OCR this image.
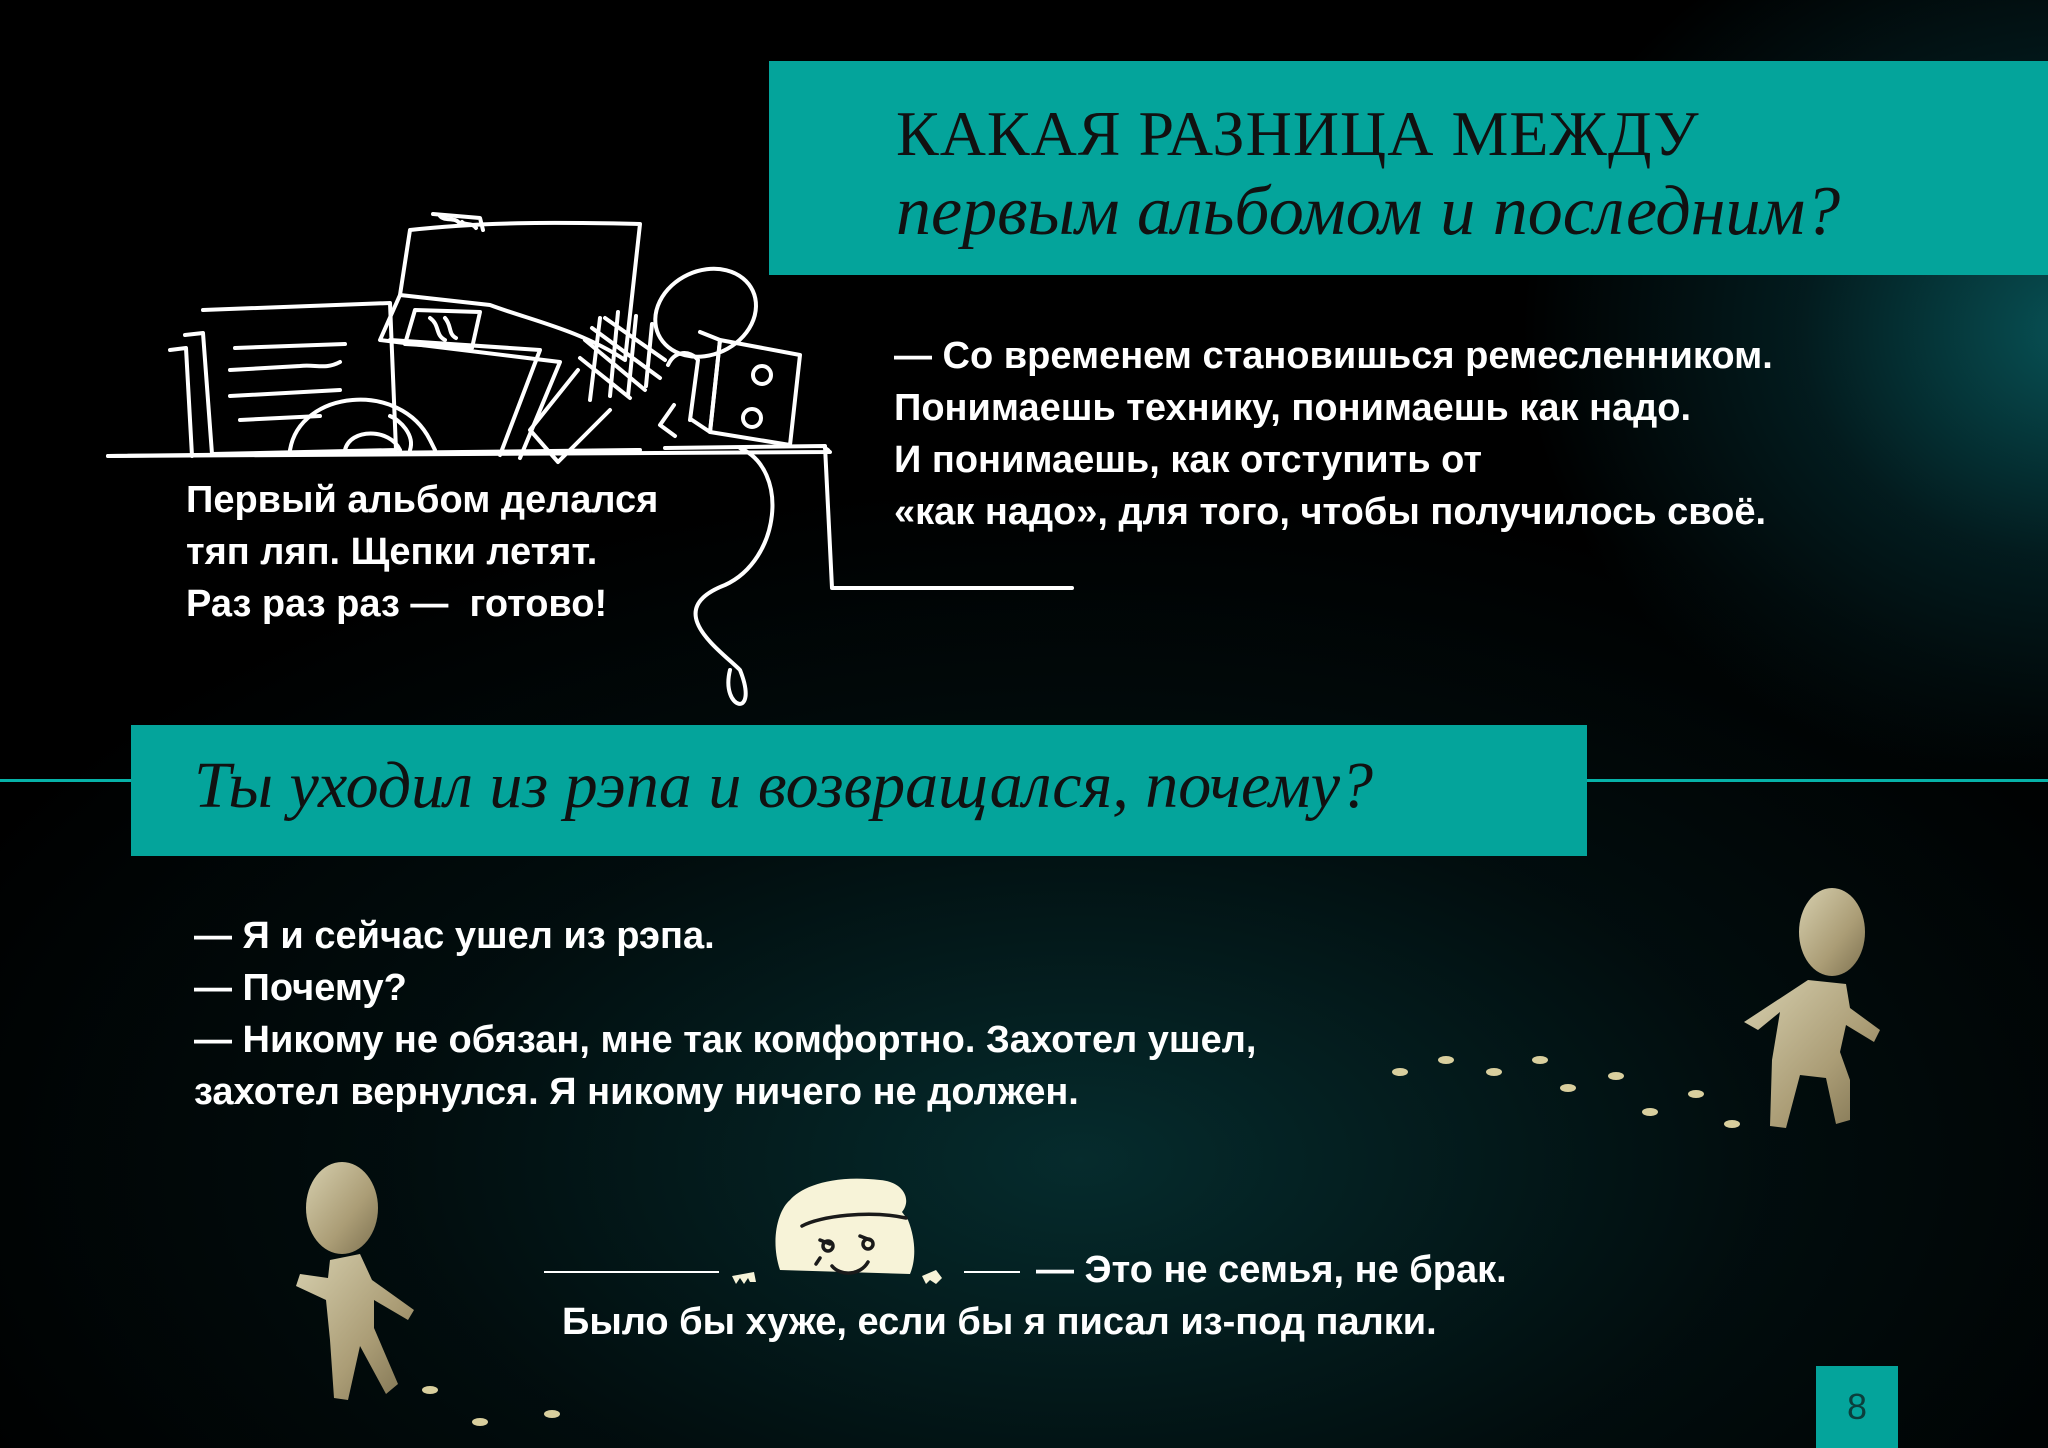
КАКАЯ РАЗНИЦА МЕЖДУ
первым альбомом и последним?
Первый альбом делался
тяп ляп. Щепки летят.
Раз раз раз —  готово!
— Со временем становишься ремесленником.
Понимаешь технику, понимаешь как надо.
И понимаешь, как отступить от
«как надо», для того, чтобы получилось своё.
Ты уходил из рэпа и возвращался, почему?
— Я и сейчас ушел из рэпа.
— Почему?
— Никому не обязан, мне так комфортно. Захотел ушел,
захотел вернулся. Я никому ничего не должен.
— Это не семья, не брак.
Было бы хуже, если бы я писал из-под палки.
8
